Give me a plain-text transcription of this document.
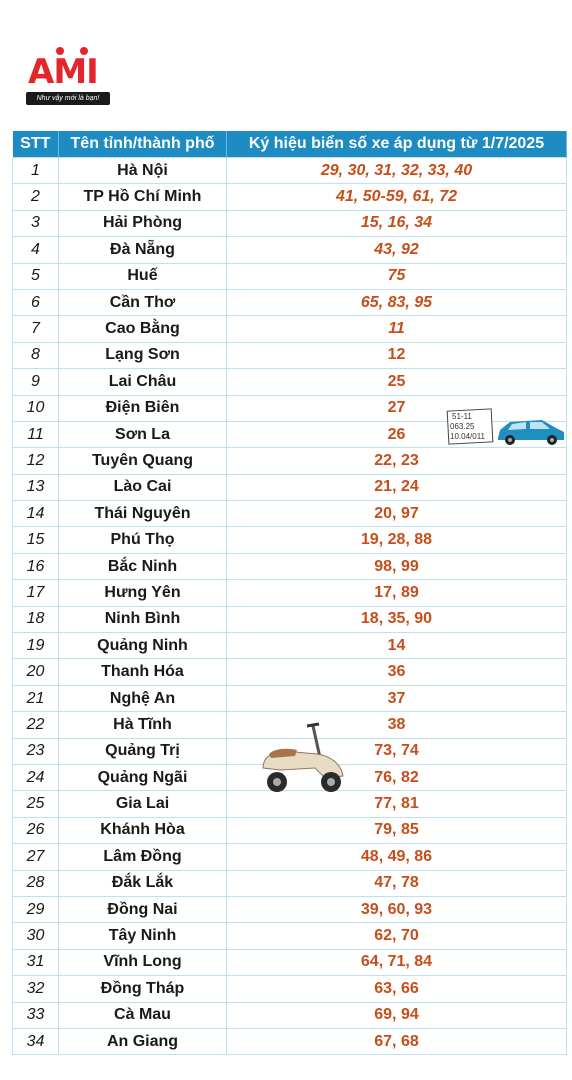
AMI
Như vậy mới là bạn!
STT	Tên tỉnh/thành phố	Ký hiệu biển số xe áp dụng từ 1/7/2025
1	Hà Nội	29, 30, 31, 32, 33, 40
2	TP Hồ Chí Minh	41, 50-59, 61, 72
3	Hải Phòng	15, 16, 34
4	Đà Nẵng	43, 92
5	Huế	75
6	Cần Thơ	65, 83, 95
7	Cao Bằng	11
8	Lạng Sơn	12
9	Lai Châu	25
10	Điện Biên	27
11	Sơn La	26
12	Tuyên Quang	22, 23
13	Lào Cai	21, 24
14	Thái Nguyên	20, 97
15	Phú Thọ	19, 28, 88
16	Bắc Ninh	98, 99
17	Hưng Yên	17, 89
18	Ninh Bình	18, 35, 90
19	Quảng Ninh	14
20	Thanh Hóa	36
21	Nghệ An	37
22	Hà Tĩnh	38
23	Quảng Trị	73, 74
24	Quảng Ngãi	76, 82
25	Gia Lai	77, 81
26	Khánh Hòa	79, 85
27	Lâm Đồng	48, 49, 86
28	Đắk Lắk	47, 78
29	Đồng Nai	39, 60, 93
30	Tây Ninh	62, 70
31	Vĩnh Long	64, 71, 84
32	Đồng Tháp	63, 66
33	Cà Mau	69, 94
34	An Giang	67, 68
51-11
063.25
10.04/011
